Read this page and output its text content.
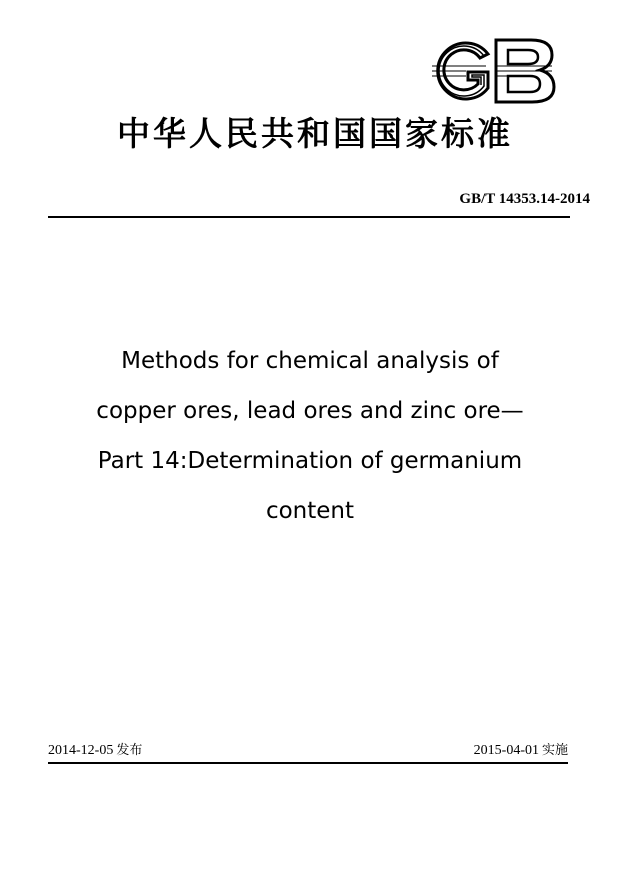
中华人民共和国国家标准
GB/T 14353.14-2014
Methods for chemical analysis of
copper ores, lead ores and zinc ore—
Part 14:Determination of germanium
content
2014-12-05 发布	2015-04-01 实施
